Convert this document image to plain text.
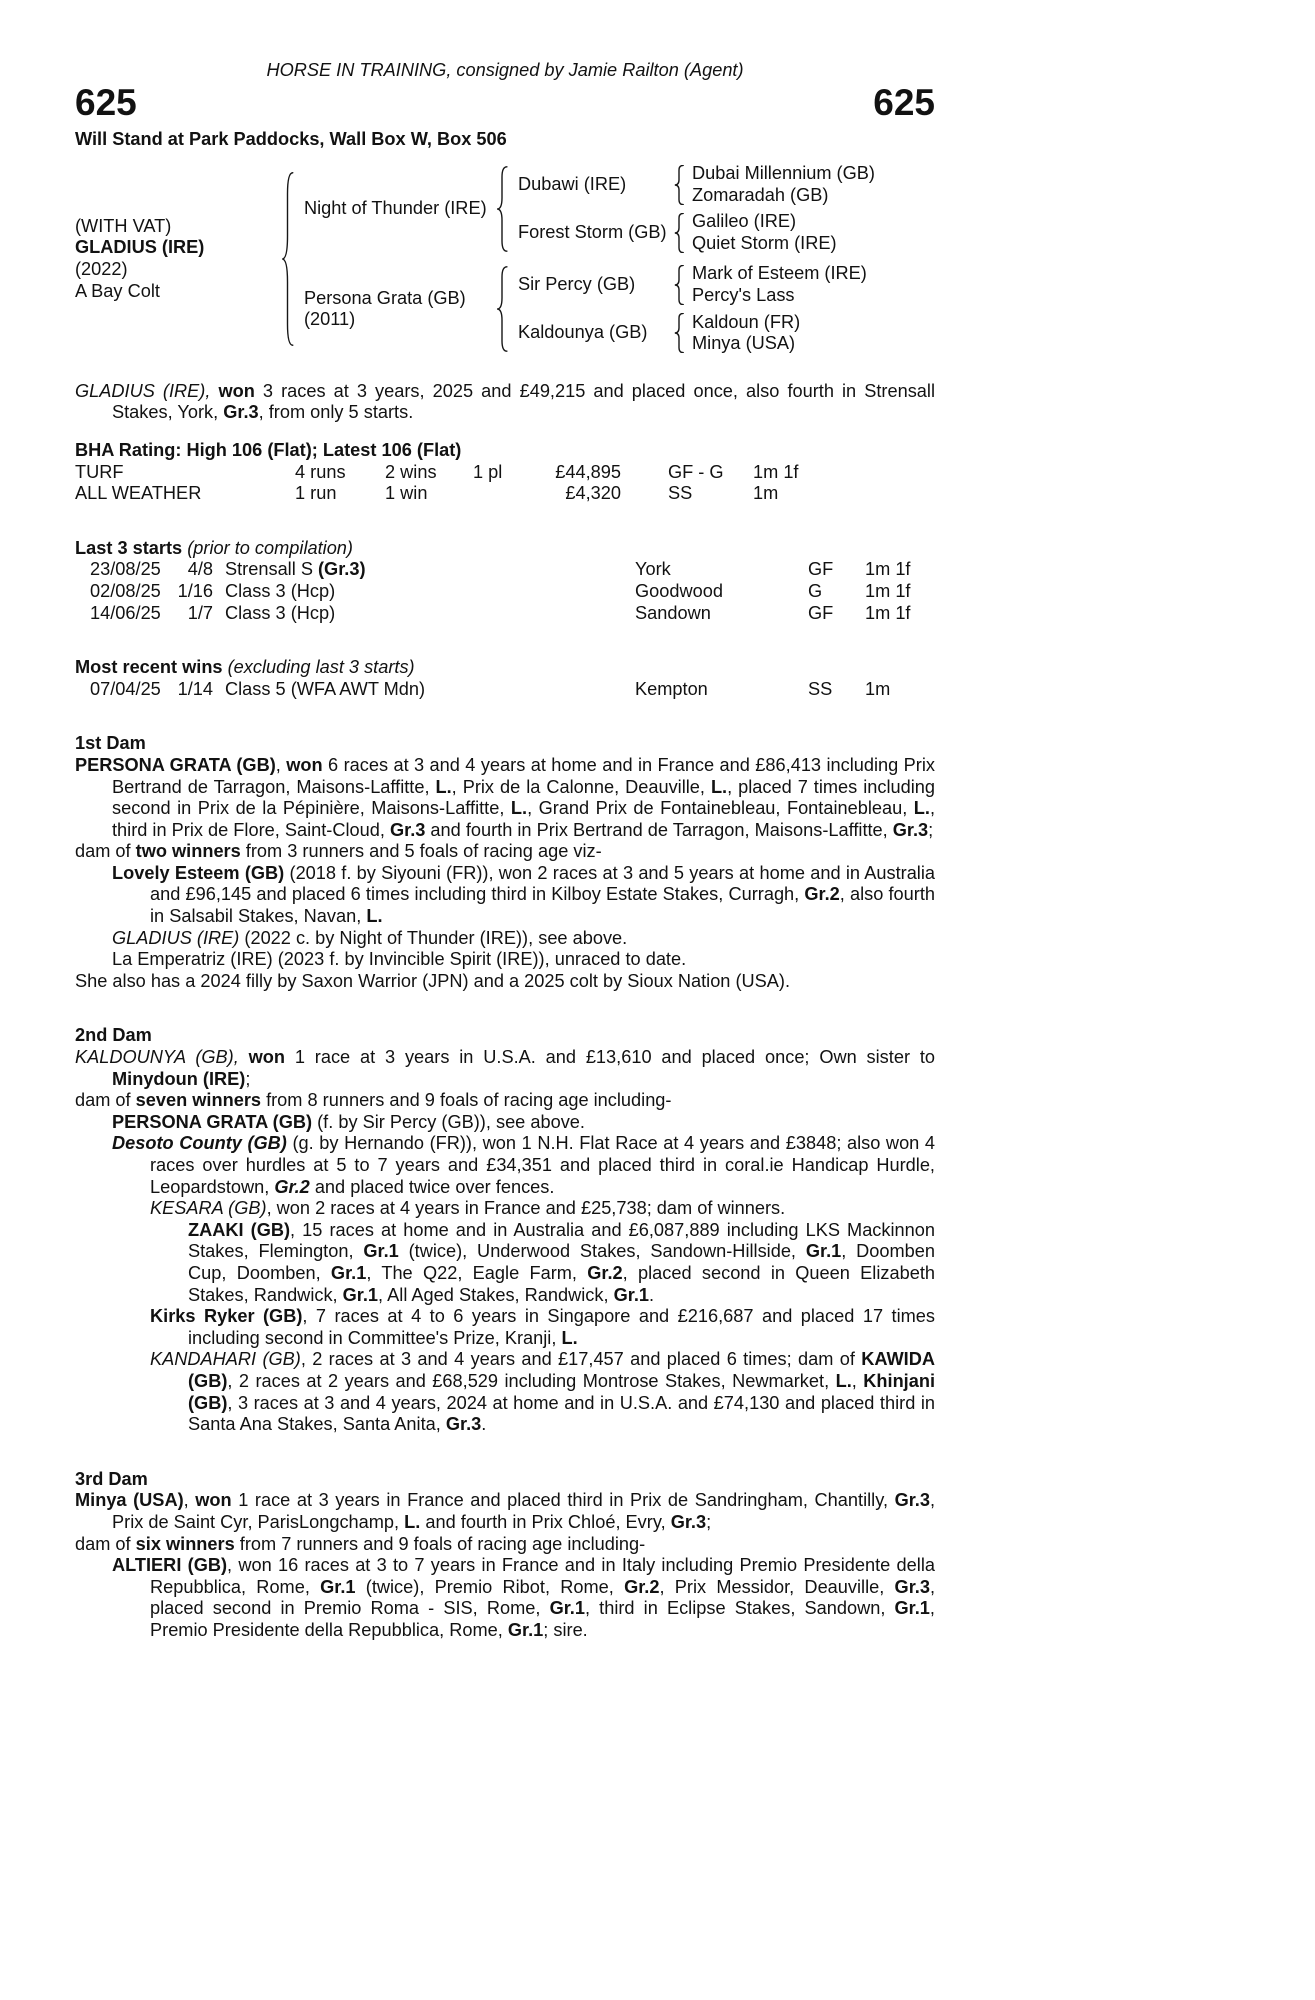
HORSE IN TRAINING, consigned by Jamie Railton (Agent)
625	625
Will Stand at Park Paddocks, Wall Box W, Box 506
(WITH VAT)
GLADIUS (IRE)
(2022)
A Bay Colt
Night of Thunder (IRE)
Dubawi (IRE)
Dubai Millennium (GB)
Zomaradah (GB)
Forest Storm (GB)
Galileo (IRE)
Quiet Storm (IRE)
Persona Grata (GB)
(2011)
Sir Percy (GB)
Mark of Esteem (IRE)
Percy's Lass
Kaldounya (GB)
Kaldoun (FR)
Minya (USA)

GLADIUS (IRE), won 3 races at 3 years, 2025 and £49,215 and placed once, also fourth in Strensall Stakes, York, Gr.3, from only 5 starts.

BHA Rating: High 106 (Flat); Latest 106 (Flat)
TURF	4 runs	2 wins	1 pl	£44,895	GF - G	1m 1f
ALL WEATHER	1 run	1 win	£4,320	SS	1m
Last 3 starts (prior to compilation)
23/08/25	4/8 Strensall S (Gr.3)	York	GF	1m 1f
02/08/25 1/16 Class 3 (Hcp)	Goodwood	G	1m 1f
14/06/25	1/7 Class 3 (Hcp)	Sandown	GF	1m 1f
Most recent wins (excluding last 3 starts)
07/04/25 1/14 Class 5 (WFA AWT Mdn)	Kempton	SS	1m
1st Dam

PERSONA GRATA (GB), won 6 races at 3 and 4 years at home and in France and £86,413 including Prix Bertrand de Tarragon, Maisons-Laffitte, L., Prix de la Calonne, Deauville, L., placed 7 times including second in Prix de la Pépinière, Maisons-Laffitte, L., Grand Prix de Fontainebleau, Fontainebleau, L., third in Prix de Flore, Saint-Cloud, Gr.3 and fourth in Prix Bertrand de Tarragon, Maisons-Laffitte, Gr.3;

dam of two winners from 3 runners and 5 foals of racing age viz-

Lovely Esteem (GB) (2018 f. by Siyouni (FR)), won 2 races at 3 and 5 years at home and in Australia and £96,145 and placed 6 times including third in Kilboy Estate Stakes, Curragh, Gr.2, also fourth in Salsabil Stakes, Navan, L.

GLADIUS (IRE) (2022 c. by Night of Thunder (IRE)), see above.

La Emperatriz (IRE) (2023 f. by Invincible Spirit (IRE)), unraced to date.

She also has a 2024 filly by Saxon Warrior (JPN) and a 2025 colt by Sioux Nation (USA).

2nd Dam

KALDOUNYA (GB), won 1 race at 3 years in U.S.A. and £13,610 and placed once; Own sister to Minydoun (IRE);

dam of seven winners from 8 runners and 9 foals of racing age including-

PERSONA GRATA (GB) (f. by Sir Percy (GB)), see above.

Desoto County (GB) (g. by Hernando (FR)), won 1 N.H. Flat Race at 4 years and £3848; also won 4 races over hurdles at 5 to 7 years and £34,351 and placed third in coral.ie Handicap Hurdle, Leopardstown, Gr.2 and placed twice over fences.

KESARA (GB), won 2 races at 4 years in France and £25,738; dam of winners.

ZAAKI (GB), 15 races at home and in Australia and £6,087,889 including LKS Mackinnon Stakes, Flemington, Gr.1 (twice), Underwood Stakes, Sandown-Hillside, Gr.1, Doomben Cup, Doomben, Gr.1, The Q22, Eagle Farm, Gr.2, placed second in Queen Elizabeth Stakes, Randwick, Gr.1, All Aged Stakes, Randwick, Gr.1.

Kirks Ryker (GB), 7 races at 4 to 6 years in Singapore and £216,687 and placed 17 times including second in Committee's Prize, Kranji, L.

KANDAHARI (GB), 2 races at 3 and 4 years and £17,457 and placed 6 times; dam of KAWIDA (GB), 2 races at 2 years and £68,529 including Montrose Stakes, Newmarket, L., Khinjani (GB), 3 races at 3 and 4 years, 2024 at home and in U.S.A. and £74,130 and placed third in Santa Ana Stakes, Santa Anita, Gr.3.

3rd Dam

Minya (USA), won 1 race at 3 years in France and placed third in Prix de Sandringham, Chantilly, Gr.3, Prix de Saint Cyr, ParisLongchamp, L. and fourth in Prix Chloé, Evry, Gr.3;

dam of six winners from 7 runners and 9 foals of racing age including-

ALTIERI (GB), won 16 races at 3 to 7 years in France and in Italy including Premio Presidente della Repubblica, Rome, Gr.1 (twice), Premio Ribot, Rome, Gr.2, Prix Messidor, Deauville, Gr.3, placed second in Premio Roma - SIS, Rome, Gr.1, third in Eclipse Stakes, Sandown, Gr.1, Premio Presidente della Repubblica, Rome, Gr.1; sire.
